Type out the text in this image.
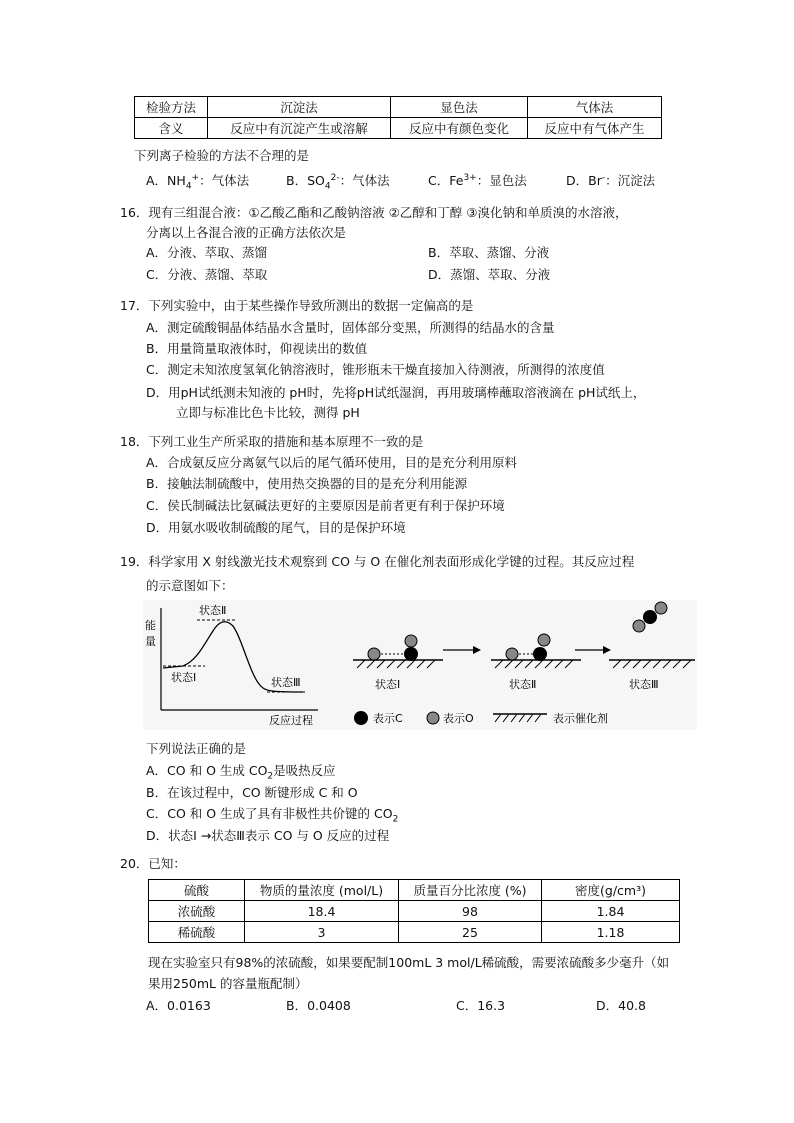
检验方法	沉淀法	显色法	气体法
含义	反应中有沉淀产生或溶解	反应中有颜色变化	反应中有气体产生
下列离子检验的方法不合理的是
A．$NH_4^+$：气体法	B．$SO_4^{2-}$：气体法	C．$Fe^{3+}$：显色法	D．Br-：沉淀法
16．现有三组混合液：①乙酸乙酯和乙酸钠溶液 ②乙醇和丁醇 ③溴化钠和单质溴的水溶液，
分离以上各混合液的正确方法依次是
A．分液、萃取、蒸馏	B．萃取、蒸馏、分液
C．分液、蒸馏、萃取	D．蒸馏、萃取、分液
17．下列实验中，由于某些操作导致所测出的数据一定偏高的是
A．测定硫酸铜晶体结晶水含量时，固体部分变黑，所测得的结晶水的含量
B．用量筒量取液体时，仰视读出的数值
C．测定未知浓度氢氧化钠溶液时，锥形瓶未干燥直接加入待测液，所测得的浓度值
D．用pH试纸测未知液的 pH时，先将pH试纸湿润，再用玻璃棒蘸取溶液滴在 pH试纸上，
立即与标准比色卡比较，测得 pH
18．下列工业生产所采取的措施和基本原理不一致的是
A．合成氨反应分离氨气以后的尾气循环使用，目的是充分利用原料
B．接触法制硫酸中，使用热交换器的目的是充分利用能源
C．侯氏制碱法比氨碱法更好的主要原因是前者更有利于保护环境
D．用氨水吸收制硫酸的尾气，目的是保护环境
19．科学家用 X 射线激光技术观察到 CO 与 O 在催化剂表面形成化学键的过程。其反应过程
的示意图如下：
能
量
反应过程
状态Ⅰ
状态Ⅱ
状态Ⅲ	状态Ⅰ	状态Ⅱ	状态Ⅲ
表示C	表示O	表示催化剂
下列说法正确的是
A．CO 和 O 生成 $CO_2$是吸热反应
B．在该过程中，CO 断键形成 C 和 O
C．CO 和 O 生成了具有非极性共价键的 $CO_2$
D．状态Ⅰ →状态Ⅲ表示 CO 与 O 反应的过程
20．已知：
硫酸	物质的量浓度 (mol/L)	质量百分比浓度 (%)	密度(g/cm³)
浓硫酸	18.4	98	1.84
稀硫酸	3	25	1.18
现在实验室只有98%的浓硫酸，如果要配制100mL 3 mol/L稀硫酸，需要浓硫酸多少毫升（如
果用250mL 的容量瓶配制）
A．0.0163	B．0.0408	C．16.3	D．40.8
